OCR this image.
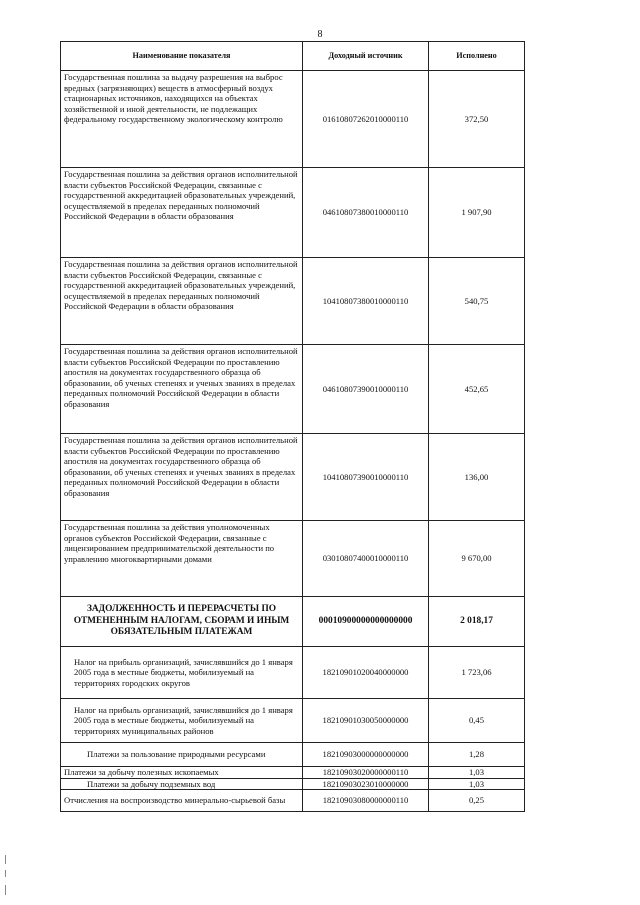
8
Наименование показателя	Доходный источник	Исполнено
Государственная пошлина за выдачу разрешения на выброс вредных (загрязняющих) веществ в атмосферный воздух стационарных источников, находящихся на объектах хозяйственной и иной деятельности, не подлежащих федеральному государственному экологическому контролю	01610807262010000110	372,50
Государственная пошлина за действия органов исполнительной власти субъектов Российской Федерации, связанные с государственной аккредитацией образовательных учреждений, осуществляемой в пределах переданных полномочий Российской Федерации в области образования	04610807380010000110	1 907,90
Государственная пошлина за действия органов исполнительной власти субъектов Российской Федерации, связанные с государственной аккредитацией образовательных учреждений, осуществляемой в пределах переданных полномочий Российской Федерации в области образования	10410807380010000110	540,75
Государственная пошлина за действия органов исполнительной власти субъектов Российской Федерации по проставлению апостиля на документах государственного образца об образовании, об ученых степенях и ученых званиях в пределах переданных полномочий Российской Федерации в области образования	04610807390010000110	452,65
Государственная пошлина за действия органов исполнительной власти субъектов Российской Федерации по проставлению апостиля на документах государственного образца об образовании, об ученых степенях и ученых званиях в пределах переданных полномочий Российской Федерации в области образования	10410807390010000110	136,00
Государственная пошлина за действия уполномоченных органов субъектов Российской Федерации, связанные с лицензированием предпринимательской деятельности по управлению многоквартирными домами	03010807400010000110	9 670,00
ЗАДОЛЖЕННОСТЬ И ПЕРЕРАСЧЕТЫ ПО ОТМЕНЕННЫМ НАЛОГАМ, СБОРАМ И ИНЫМ ОБЯЗАТЕЛЬНЫМ ПЛАТЕЖАМ	00010900000000000000	2 018,17
Налог на прибыль организаций, зачислявшийся до 1 января 2005 года в местные бюджеты, мобилизуемый на территориях городских округов	18210901020040000000	1 723,06
Налог на прибыль организаций, зачислявшийся до 1 января 2005 года в местные бюджеты, мобилизуемый на территориях муниципальных районов	18210901030050000000	0,45
Платежи за пользование природными ресурсами	18210903000000000000	1,28
Платежи за добычу полезных ископаемых	18210903020000000110	1,03
Платежи за добычу подземных вод	18210903023010000000	1,03
Отчисления на воспроизводство минерально-сырьевой базы	18210903080000000110	0,25
